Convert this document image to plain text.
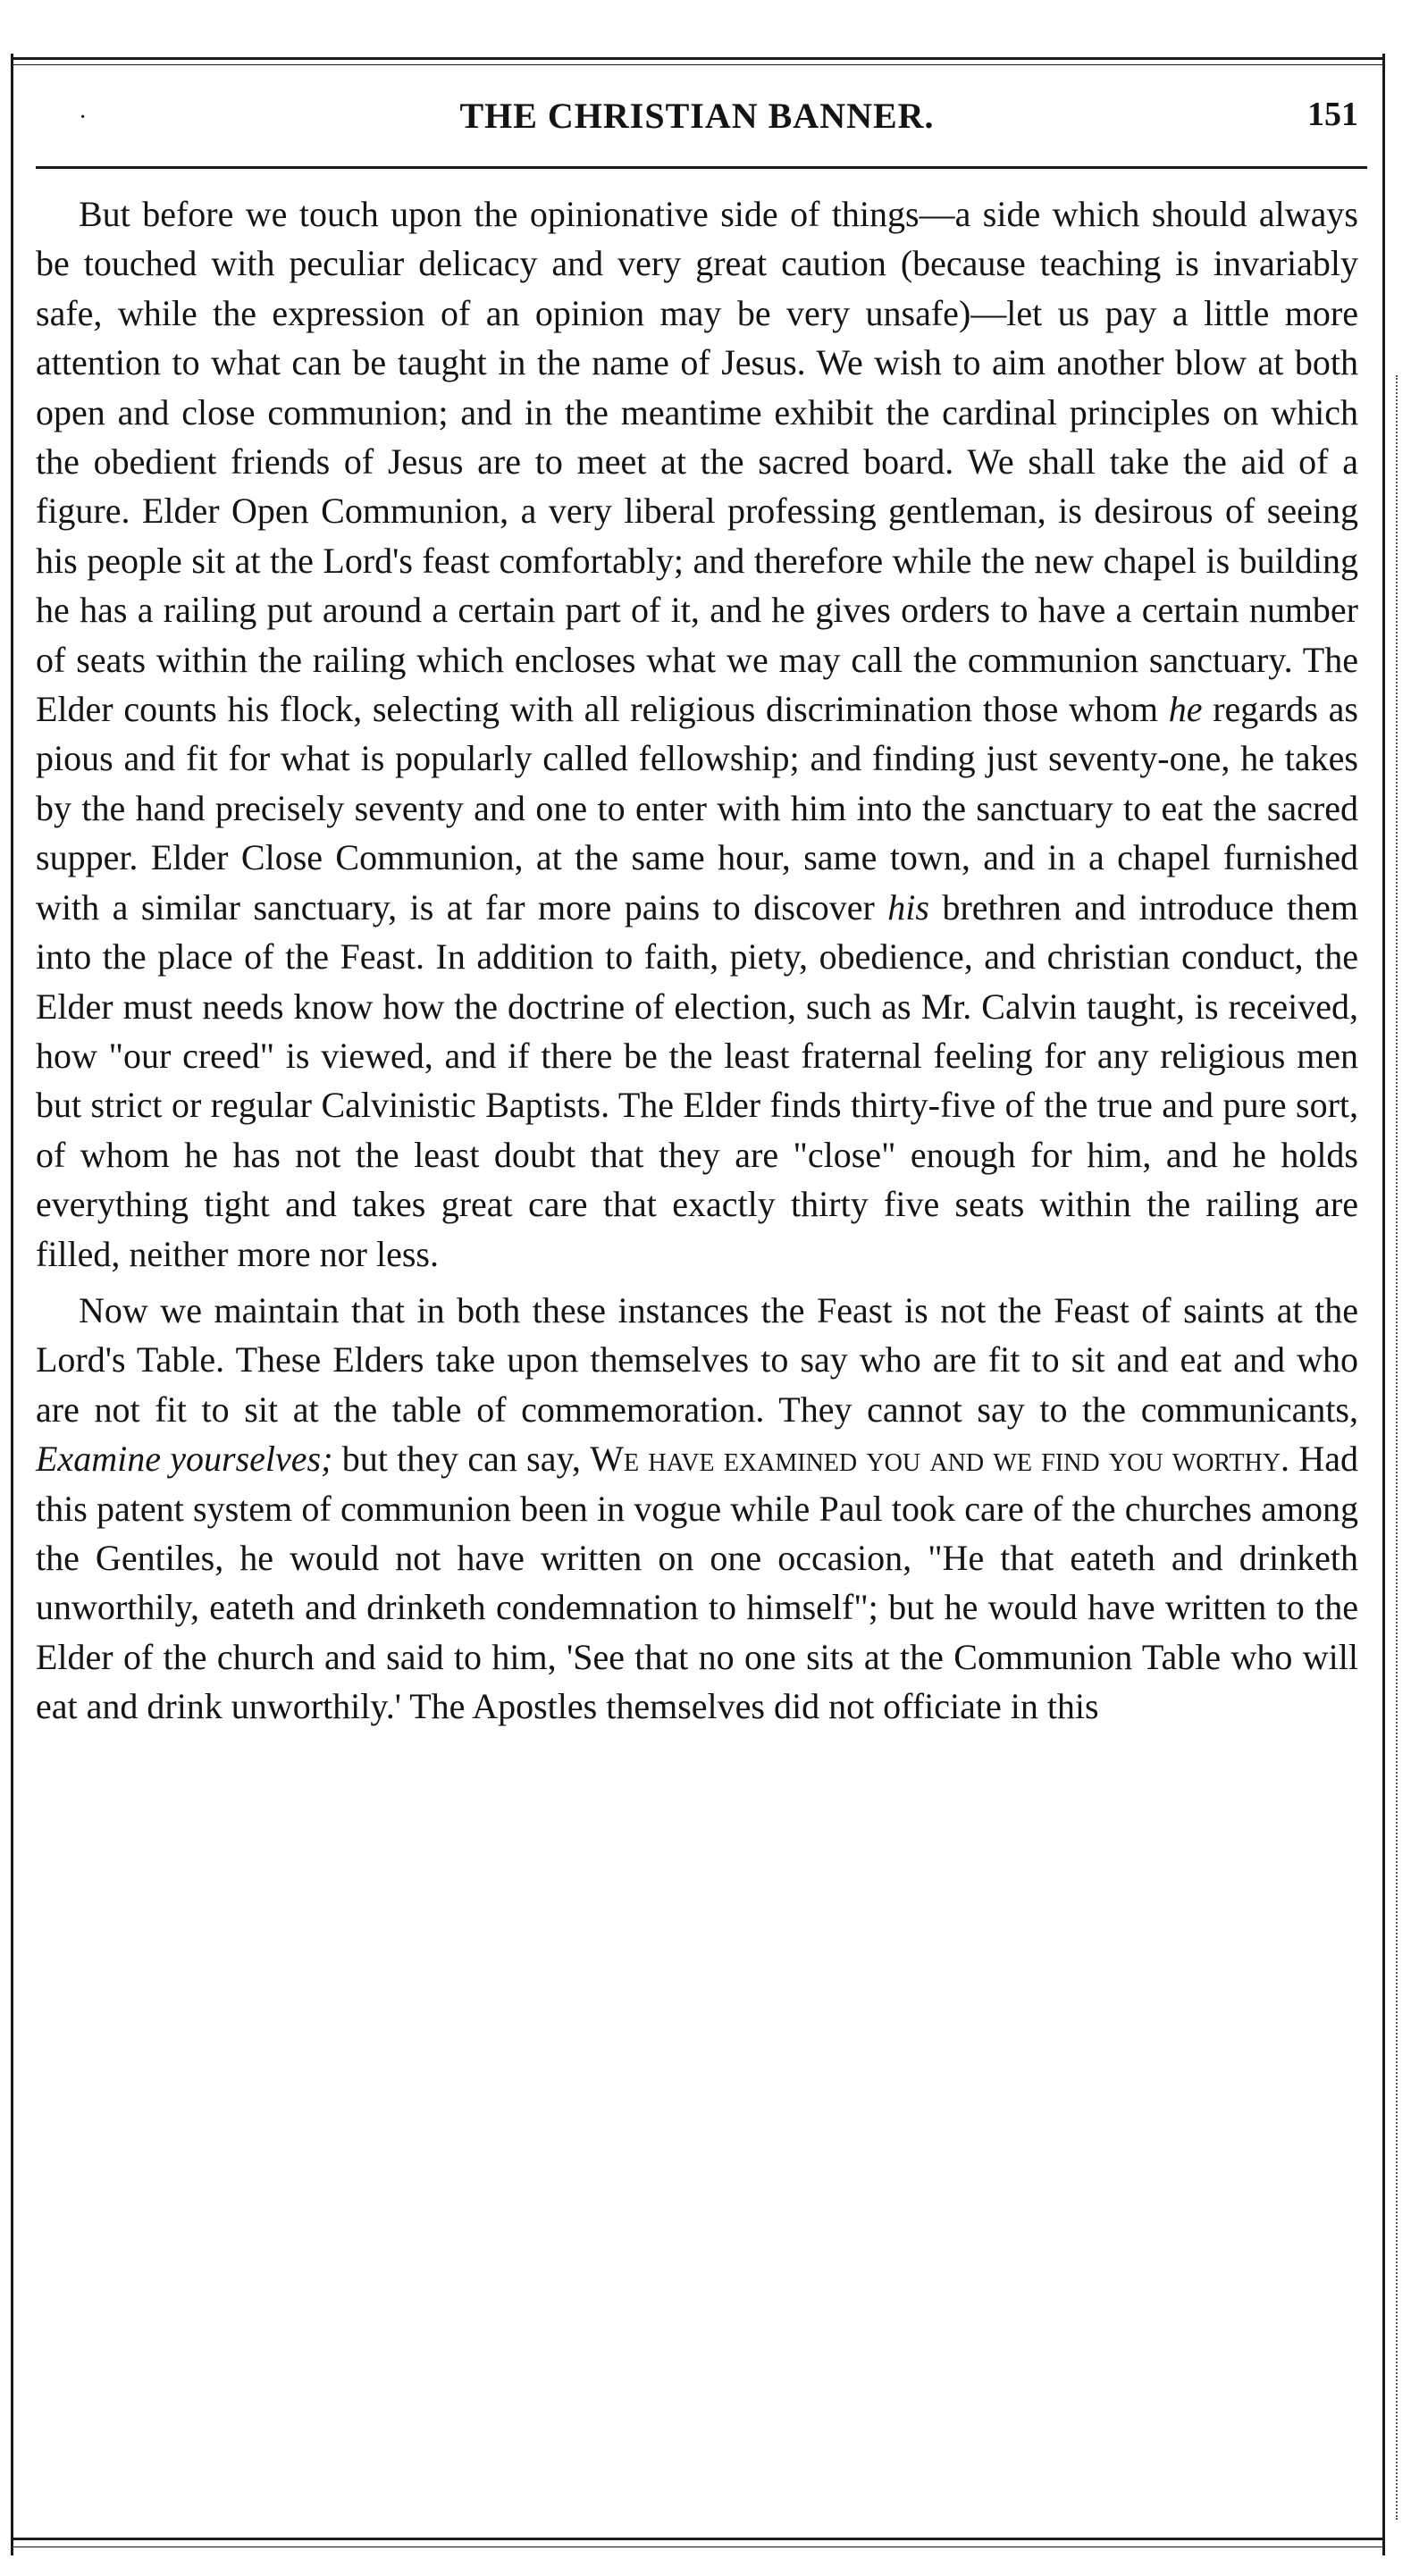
·	THE CHRISTIAN BANNER.	151

But before we touch upon the opinionative side of things—a side which should always be touched with peculiar delicacy and very great caution (because teaching is invariably safe, while the expression of an opinion may be very unsafe)—let us pay a little more attention to what can be taught in the name of Jesus. We wish to aim another blow at both open and close communion; and in the meantime exhibit the cardinal principles on which the obedient friends of Jesus are to meet at the sacred board. We shall take the aid of a figure. Elder Open Communion, a very liberal professing gentleman, is desirous of seeing his people sit at the Lord's feast comfortably; and therefore while the new chapel is building he has a railing put around a certain part of it, and he gives orders to have a certain number of seats within the railing which encloses what we may call the communion sanctuary. The Elder counts his flock, selecting with all religious discrimination those whom he regards as pious and fit for what is popularly called fellowship; and finding just seventy-one, he takes by the hand precisely seventy and one to enter with him into the sanctuary to eat the sacred supper. Elder Close Communion, at the same hour, same town, and in a chapel furnished with a similar sanctuary, is at far more pains to discover his brethren and introduce them into the place of the Feast. In addition to faith, piety, obedience, and christian conduct, the Elder must needs know how the doctrine of election, such as Mr. Calvin taught, is received, how "our creed" is viewed, and if there be the least fraternal feeling for any religious men but strict or regular Calvinistic Baptists. The Elder finds thirty-five of the true and pure sort, of whom he has not the least doubt that they are "close" enough for him, and he holds everything tight and takes great care that exactly thirty five seats within the railing are filled, neither more nor less.

Now we maintain that in both these instances the Feast is not the Feast of saints at the Lord's Table. These Elders take upon themselves to say who are fit to sit and eat and who are not fit to sit at the table of commemoration. They cannot say to the communicants, Examine yourselves; but they can say, We have examined you and we find you worthy. Had this patent system of communion been in vogue while Paul took care of the churches among the Gentiles, he would not have written on one occasion, "He that eateth and drinketh unworthily, eateth and drinketh condemnation to himself"; but he would have written to the Elder of the church and said to him, 'See that no one sits at the Communion Table who will eat and drink unworthily.' The Apostles themselves did not officiate in this
